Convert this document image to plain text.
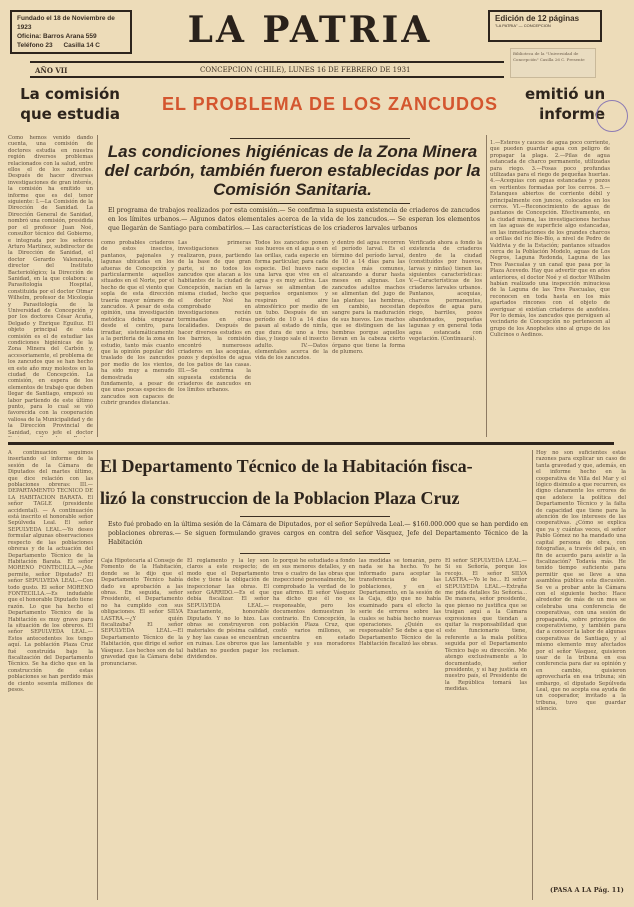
Fundado el 18 de Noviembre de 1923
Oficina: Barros Arana 559
Teléfono 23      Casilla 14 C	LA PATRIA	Edición de 12 páginas
"LA PATRIA" — CONCEPCION
Biblioteca de la "Universidad de Concepción" Casilla 26 C. Presente
AÑO VII	CONCEPCION (CHILE), LUNES 16 DE FEBRERO DE 1931
La comisión
que estudia	EL PROBLEMA DE LOS ZANCUDOS	emitió un
informe
Como hemos venido dando cuenta, una comisión de doctores estudia en nuestra región diversos problemas relacionados con la salud, entre ellos el de los zancudos. Después de hacer diversas investigaciones de gran interés, la comisión ha emitido un informe que es del tenor siguiente: I.—La Comisión de la Dirección de Sanidad. La Dirección General de Sanidad, nombró una comisión, presidida por el profesor Juan Noé, consultor técnico del Gobierno, e integrada por los señores Arturo Martínez, subdirector de la Dirección de Sanidad, el doctor Gerardo Valenzuela, director del Instituto Bacteriológico; la Dirección de Sanidad, en la que colabora: a Parasitología Hospital, constituida por el doctor Otmar Wilhelm, profesor de Micología y Parasitología de la Universidad de Concepción y por los doctores César Acuña, Delgado y Enrique Eguiluz. El objeto principal de esta comisión es el de estudiar las condiciones higiénicas de la Zona Minera del Carbón y, accesoriamente, el problema de los zancudos que se han hecho en este año muy molestos en la ciudad de Concepción. La comisión, en espera de los elementos de trabajo que deben llegar de Santiago, empezó su labor partiendo de este último punto, para lo cual se vió favorecida con la cooperación valiosa de la Municipalidad y de la Dirección Provincial de Sanidad, cuyo jefe el doctor
Las condiciones higiénicas de la Zona Minera del carbón, también fueron establecidas por la Comisión Sanitaria.
El programa de trabajos realizados por esta comisión.— Se confirma la supuesta existencia de criaderos de zancudos en los límites urbanos.— Algunos datos elementales acerca de la vida de los zancudos.— Se esperan los elementos que llegarán de Santiago para combatirlos.— Las características de los criaderos larvales urbanos
como probables criaderos de estos insectos, pantanos, pajonales y lagunas ubicadas en los afueras de Concepción y particularmente aquellos situados en el Norte, por el hecho de que el viento que sopla de esta dirección traería mayor número de zancudos. A pesar de esta opinión, una investigación metódica debía empezar desde el centro, para irradiar, sistemáticamente a la periferia de la zona en estudio, tanto más cuanto que la opinión popular del traslado de los zancudos por medio de los vientos, ha sido muy a menudo demostrada sin fundamento, a pesar de que unas pocas especies de zancudos son capaces de cubrir grandes distancias.
Las primeras investigaciones se realizaron, pues, partiendo de la base de que gran parte, si no todos los zancudos que atacan a los habitantes de la ciudad de Concepción, nacían en la misma ciudad, hecho que el doctor Noé ha comprobado en investigaciones recién terminadas en otras localidades. Después de hacer diversos estudios en los barrios, la comisión encontró numerosos criaderos en las acequias, pozos y depósitos de agua de los patios de las casas. III.—Se confirma la supuesta existencia de criaderos de zancudos en los límites urbanos.
Todos los zancudos ponen sus huevos en el agua o en las orillas, cada especie en forma particular, para cada especie. Del huevo nace una larva que vive en el agua y es muy activa. Las larvas se alimentan de pequeños organismos y respiran el aire atmosférico por medio de un tubo. Después de un período de 10 a 14 días pasan al estado de ninfa, que dura de uno a tres días, y luego sale el insecto adulto. IV.—Datos elementales acerca de la vida de los zancudos.
y dentro del agua recorren el período larval. Es el término del período larval, de 10 a 14 días para las especies más comunes, alcanzando a durar hasta meses en algunas. Los zancudos adultos machos se alimentan del jugo de las plantas; las hembras, en cambio, necesitan sangre para la maduración de sus huevos. Los machos que se distinguen de las hembras porque aquellos llevan en la cabeza cierto órgano que tiene la forma de plumero.
Verificado ahora a fondo la existencia de criaderos dentro de la ciudad (constituídos por huevos, larvas y ninfas) tienen las siguientes características: V.—Características de los criaderos larvales urbanos. Pantanos, acequias, charcos permanentes, depósitos de agua para riego, barriles, pozos abandonados, pequeñas lagunas y en general toda agua estancada con vegetación. (Continuará).
1.—Esteros y cauces de agua poco corriente, que pueden guardar agua con peligro de propagar la plaga. 2.—Pilas de agua estancada de charco permanente, utilizadas para riego. 3.—Fosas poco profundas utilizadas para el riego de pequeñas huertas. 4.—Acequias con aguas estancadas y pozos en vertientes formadas por los cerros. 5.—Estanques abiertos de corriente débil y principalmente con juncos, colocados en los cerros. VI.—Reconocimiento de aguas de pantanos de Concepción. Efectivamente, en la ciudad misma, las investigaciones hechas en las aguas de superficie algo estancadas, en las inmediaciones de los grandes charcos a orillas del río Bío-Bío, a nivel de Pedro de Valdivia y de la Estación; pantanos situados cerca de la Población Modelo, aguas de Los Negros, Laguna Redonda, Laguna de las Tres Pascualas y un canal que pasa por la Plaza Acevedo. Hay que advertir que en años anteriores, el doctor Noé y el doctor Wilhelm habían realizado una inspección minuciosa de la Laguna de las Tres Pascualas, que reconocen en toda hasta en los más apartados rincones con el objeto de averiguar si existían criaderos de anofeles. Por lo demás, los zancudos que persiguen al vecindario de Concepción no pertenecen al grupo de los Anopheles sino al grupo de los Culicinos o Aedinos.
A continuación seguimos insertando el informe de la sesión de la Cámara de Diputados del martes último, que dice relación con las poblaciones obreras: III.—DEPARTAMENTO TECNICO DE LA HABITACION BARATA. El señor TAGLE (presidente accidental). — A continuación está inscrito el honorable señor Sepúlveda Leal. El señor SEPULVEDA LEAL.—Yo deseo formular algunas observaciones respecto de las poblaciones obreras y de la actuación del Departamento Técnico de la Habitación Barata. El señor MORENO FONTECILLA.—¿Me permite, señor Diputado? El señor SEPULVEDA LEAL.—Con todo gusto. El señor MORENO FONTECILLA.—Es indudable que el honorable Diputado tiene razón. Lo que ha hecho el Departamento Técnico de la Habitación es muy grave para la situación de los obreros. El señor SEPULVEDA LEAL.—Estos antecedentes los tengo aquí. La población Plaza Cruz fué construída bajo la fiscalización del Departamento Técnico. Se ha dicho que en la construcción de estas poblaciones se han perdido más de ciento sesenta millones de pesos.
El Departamento Técnico de la Habitación fisca-
lizó la construccion de la Poblacion Plaza Cruz
Esto fué probado en la última sesión de la Cámara de Diputados, por el señor Sepúlveda Leal.— $160.000.000 que se han perdido en poblaciones obreras.— Se siguen formulando graves cargos en contra del señor Vásquez, Jefe del Departamento Técnico de la Habitación
Caja Hipotecaria al Consejo de Fomento de la Habitación, donde se le dijo que el Departamento Técnico había dado su aprobación a las obras. En seguida, señor Presidente, el Departamento no ha cumplido con sus obligaciones. El señor SILVA LASTRA.—¿Y quién fiscalizaba? El señor SEPULVEDA LEAL.—El Departamento Técnico de la Habitación, que dirige el señor Vásquez. Los hechos son de tal gravedad que la Cámara debe pronunciarse.
El reglamento y la ley son claros a este respecto; de modo que el Departamento debe y tiene la obligación de inspeccionar las obras. El señor GARRIDO.—Es el que debía fiscalizar. El señor SEPULVEDA LEAL.—Exactamente, honorable Diputado. Y no lo hizo. Las obras se construyeron con materiales de pésima calidad, y hoy las casas se encuentran en ruinas. Los obreros que las habitan no pueden pagar los dividendos.
lo porqué he estudiado a fondo en sus menores detalles, y en tres o cuatro de las obras que inspeccioné personalmente, he comprobado la verdad de lo que afirmo. El señor Vásquez ha dicho que él no es responsable, pero los documentos demuestran lo contrario. En Concepción, la población Plaza Cruz, que costó varios millones, se encuentra en estado lamentable y sus moradores reclaman.
las medidas se tomarán, pero nada se ha hecho. Yo he informado para aceptar la transferencia de las poblaciones, y en el Departamento, en la sesión de la Caja, dijo que no había examinado para el efecto la serie de errores sobre las cuales se había hecho nuevas operaciones. ¿Quién es responsable? Se debe a que el Departamento Técnico de la Habitación fiscalizó las obras.
El señor SEPULVEDA LEAL.—Si su Señoría, porque los recojo. El señor SILVA LASTRA.—Yo le he... El señor SEPULVEDA LEAL.—Extraña me pida detalles Su Señoría... De manera, señor presidente, que pienso no justifica que se traigan aquí a la Cámara expresiones que tiendan a quitar la responsabilidad que este funcionario tiene, referente a la mala política seguida por el Departamento Técnico bajo su dirección. Me atengo exclusivamente a lo documentado, señor presidente, y si hay justicia en nuestro país, el Presidente de la República tomará las medidas.
Hoy no son suficientes estas razones para explicar un caso de tanta gravedad y que, además, en el informe hecho en la cooperativa de Villa del Mar y el lógico disimulo a que recurren, es digno claramente los errores de que adolece la política del Departamento Técnico y la falta de capacidad que tiene para la atención de los intereses de las cooperativas. ¿Cómo se explica que ya y cuántas veces, el señor Pablo Gómez no ha mandado una capital persona de obra, con fotografías, a través del país, en fin de acuerdo para asistir a la fiscalización? Todavía más. He tenido tiempo suficiente para permitir que se lleve a una asamblea pública esta discusión. Se ve a probar ante la Cámara con el siguiente hecho: Hace alrededor de más de un mes se celebraba una conferencia de cooperativas, con una sesión de propaganda, sobre principios de cooperativismo, y también para dar a conocer la labor de algunas cooperativas de Santiago, y al mismo elemento muy afectados por el señor Vásquez, quisieron usar de la tribuna en esa conferencia para dar su opinión y en cambio, quisieron aprovecharla en esa tribuna; sin embargo, el diputado Sepúlveda Leal, que no acepta esa ayuda de un cooperador, invitado a la tribuna, tuvo que guardar silencio.
(PASA A LA Pág. 11)
